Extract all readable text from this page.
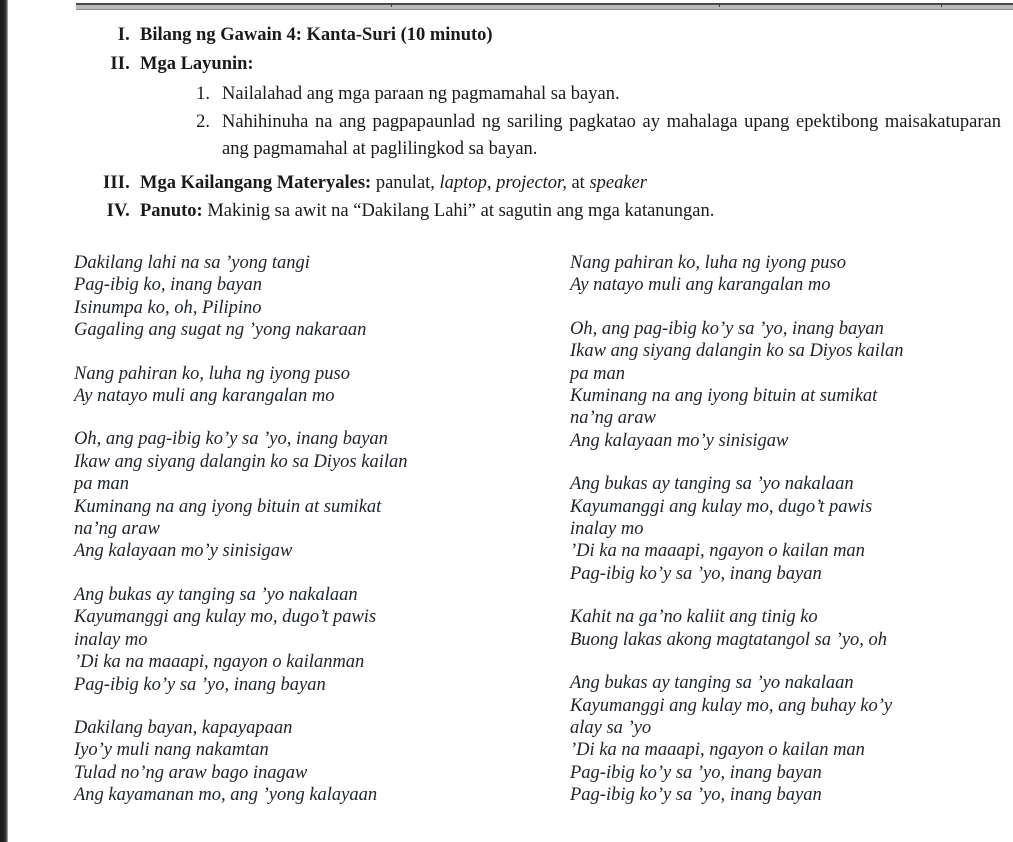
I. Bilang ng Gawain 4: Kanta-Suri (10 minuto)
II. Mga Layunin:
1. Nailalahad ang mga paraan ng pagmamahal sa bayan.
2. Nahihinuha na ang pagpapaunlad ng sariling pagkatao ay mahalaga upang epektibong maisakatuparan ang pagmamahal at paglilingkod sa bayan.
III. Mga Kailangang Materyales: panulat, laptop, projector, at speaker
IV. Panuto: Makinig sa awit na “Dakilang Lahi” at sagutin ang mga katanungan.
Dakilang lahi na sa ’yong tangi
Pag-ibig ko, inang bayan
Isinumpa ko, oh, Pilipino
Gagaling ang sugat ng ’yong nakaraan
Nang pahiran ko, luha ng iyong puso
Ay natayo muli ang karangalan mo
Oh, ang pag-ibig ko’y sa ’yo, inang bayan
Ikaw ang siyang dalangin ko sa Diyos kailan
pa man
Kuminang na ang iyong bituin at sumikat
na’ng araw
Ang kalayaan mo’y sinisigaw
Ang bukas ay tanging sa ’yo nakalaan
Kayumanggi ang kulay mo, dugo’t pawis
inalay mo
’Di ka na maaapi, ngayon o kailanman
Pag-ibig ko’y sa ’yo, inang bayan
Dakilang bayan, kapayapaan
Iyo’y muli nang nakamtan
Tulad no’ng araw bago inagaw
Ang kayamanan mo, ang ’yong kalayaan
Nang pahiran ko, luha ng iyong puso
Ay natayo muli ang karangalan mo
Oh, ang pag-ibig ko’y sa ’yo, inang bayan
Ikaw ang siyang dalangin ko sa Diyos kailan
pa man
Kuminang na ang iyong bituin at sumikat
na’ng araw
Ang kalayaan mo’y sinisigaw
Ang bukas ay tanging sa ’yo nakalaan
Kayumanggi ang kulay mo, dugo’t pawis
inalay mo
’Di ka na maaapi, ngayon o kailan man
Pag-ibig ko’y sa ’yo, inang bayan
Kahit na ga’no kaliit ang tinig ko
Buong lakas akong magtatangol sa ’yo, oh
Ang bukas ay tanging sa ’yo nakalaan
Kayumanggi ang kulay mo, ang buhay ko’y
alay sa ’yo
’Di ka na maaapi, ngayon o kailan man
Pag-ibig ko’y sa ’yo, inang bayan
Pag-ibig ko’y sa ’yo, inang bayan
